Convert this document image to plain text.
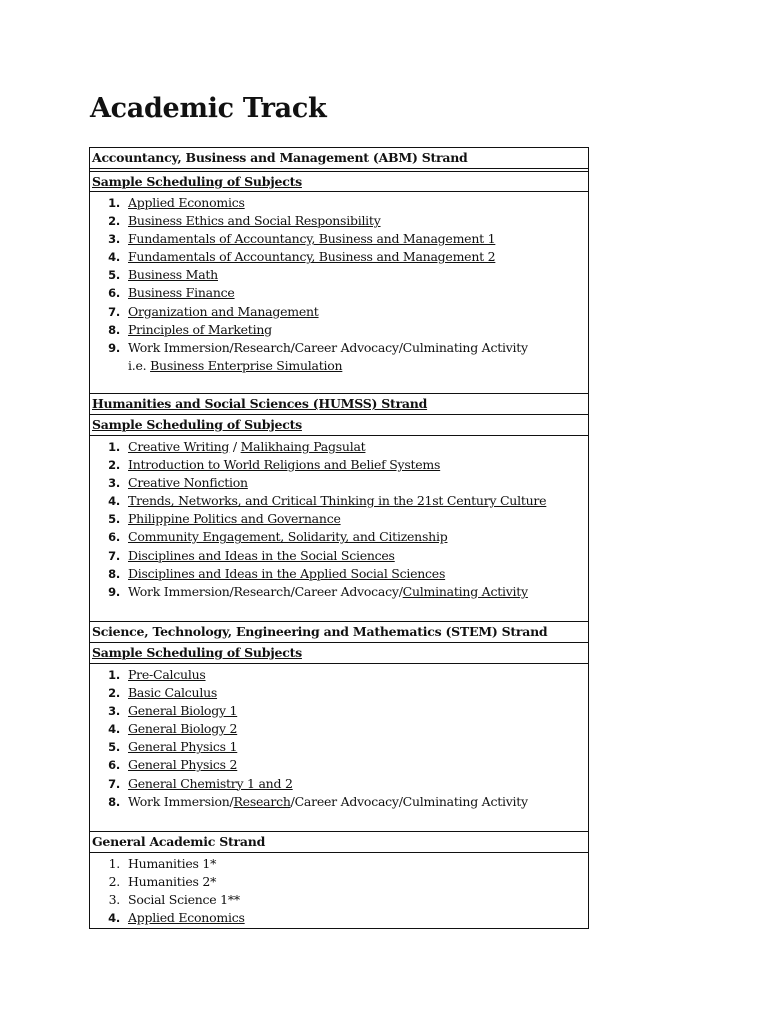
Academic Track
Accountancy, Business and Management (ABM) Strand
Sample Scheduling of Subjects
1. Applied Economics
2. Business Ethics and Social Responsibility
3. Fundamentals of Accountancy, Business and Management 1
4. Fundamentals of Accountancy, Business and Management 2
5. Business Math
6. Business Finance
7. Organization and Management
8. Principles of Marketing
9. Work Immersion/Research/Career Advocacy/Culminating Activity
i.e.
Business Enterprise Simulation
Humanities and Social Sciences (HUMSS) Strand
Sample Scheduling of Subjects
1. Creative Writing / Malikhaing Pagsulat
2. Introduction to World Religions and Belief Systems
3. Creative Nonfiction
4. Trends, Networks, and Critical Thinking in the 21st Century Culture
5. Philippine Politics and Governance
6. Community Engagement, Solidarity, and Citizenship
7. Disciplines and Ideas in the Social Sciences
8. Disciplines and Ideas in the Applied Social Sciences
9. Work Immersion/Research/Career Advocacy/ Culminating Activity
Science, Technology, Engineering and Mathematics (STEM) Strand
Sample Scheduling of Subjects
1. Pre-Calculus
2. Basic Calculus
3. General Biology 1
4. General Biology 2
5. General Physics 1
6. General Physics 2
7. General Chemistry 1 and 2
8. Work Immersion/ Research /Career Advocacy/Culminating Activity
General Academic Strand
1. Humanities 1*
2. Humanities 2*
3. Social Science 1**
4. Applied Economics
